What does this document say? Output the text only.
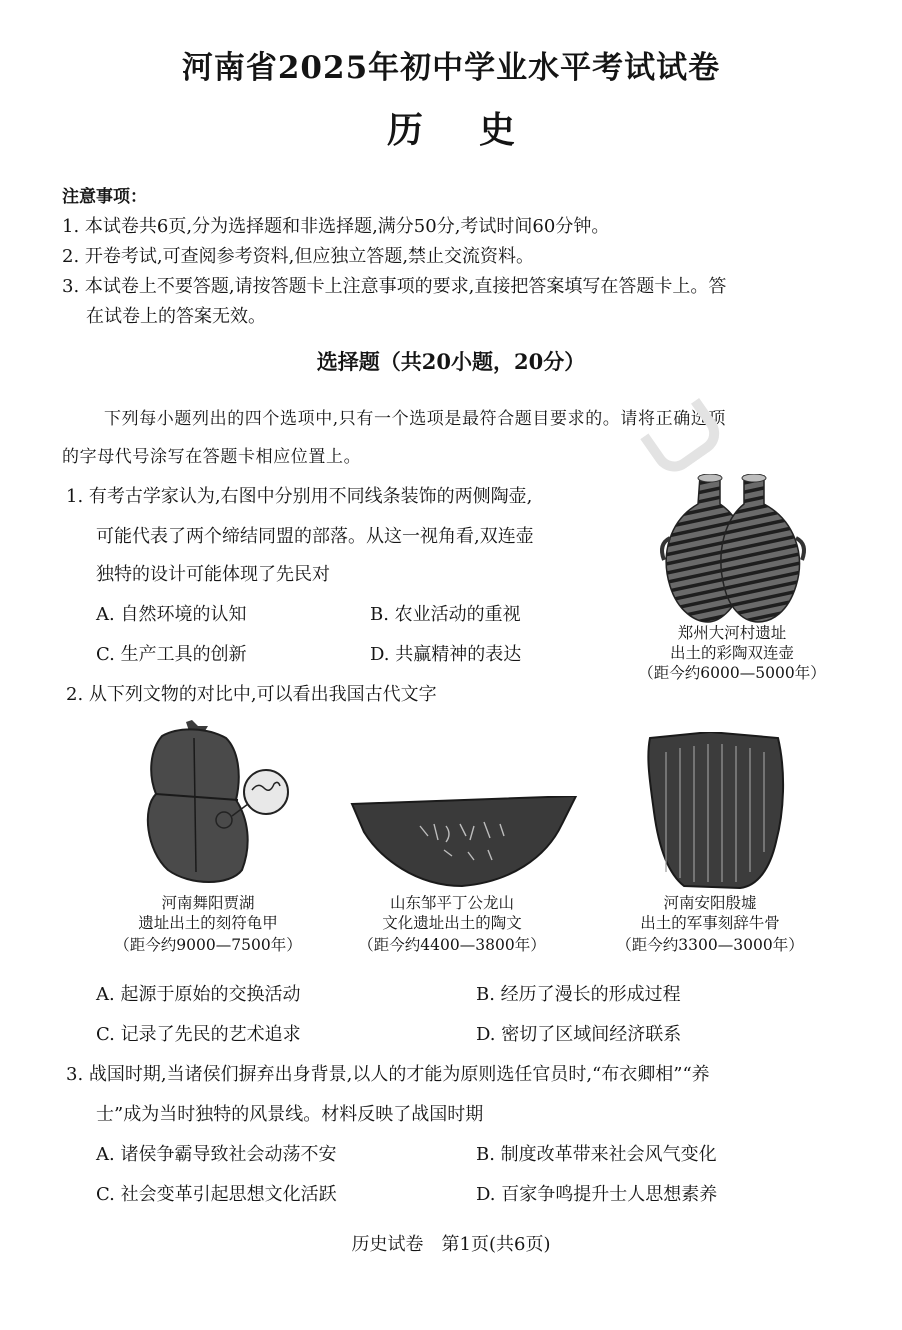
河南省2025年初中学业水平考试试卷
历史
注意事项：
1. 本试卷共6页,分为选择题和非选择题,满分50分,考试时间60分钟。
2. 开卷考试,可查阅参考资料,但应独立答题,禁止交流资料。
3. 本试卷上不要答题,请按答题卡上注意事项的要求,直接把答案填写在答题卡上。答
在试卷上的答案无效。
选择题（共20小题，20分）
下列每小题列出的四个选项中,只有一个选项是最符合题目要求的。请将正确选项
的字母代号涂写在答题卡相应位置上。
1. 有考古学家认为,右图中分别用不同线条装饰的两侧陶壶,
可能代表了两个缔结同盟的部落。从这一视角看,双连壶
独特的设计可能体现了先民对
A. 自然环境的认知	B. 农业活动的重视
C. 生产工具的创新	D. 共赢精神的表达
郑州大河村遗址
出土的彩陶双连壶
（距今约6000—5000年）
2. 从下列文物的对比中,可以看出我国古代文字
河南舞阳贾湖
遗址出土的刻符龟甲
（距今约9000—7500年）
山东邹平丁公龙山
文化遗址出土的陶文
（距今约4400—3800年）
河南安阳殷墟
出土的军事刻辞牛骨
（距今约3300—3000年）
A. 起源于原始的交换活动	B. 经历了漫长的形成过程
C. 记录了先民的艺术追求	D. 密切了区域间经济联系
3. 战国时期,当诸侯们摒弃出身背景,以人的才能为原则选任官员时,“布衣卿相”“养
士”成为当时独特的风景线。材料反映了战国时期
A. 诸侯争霸导致社会动荡不安	B. 制度改革带来社会风气变化
C. 社会变革引起思想文化活跃	D. 百家争鸣提升士人思想素养
历史试卷　第1页(共6页)
